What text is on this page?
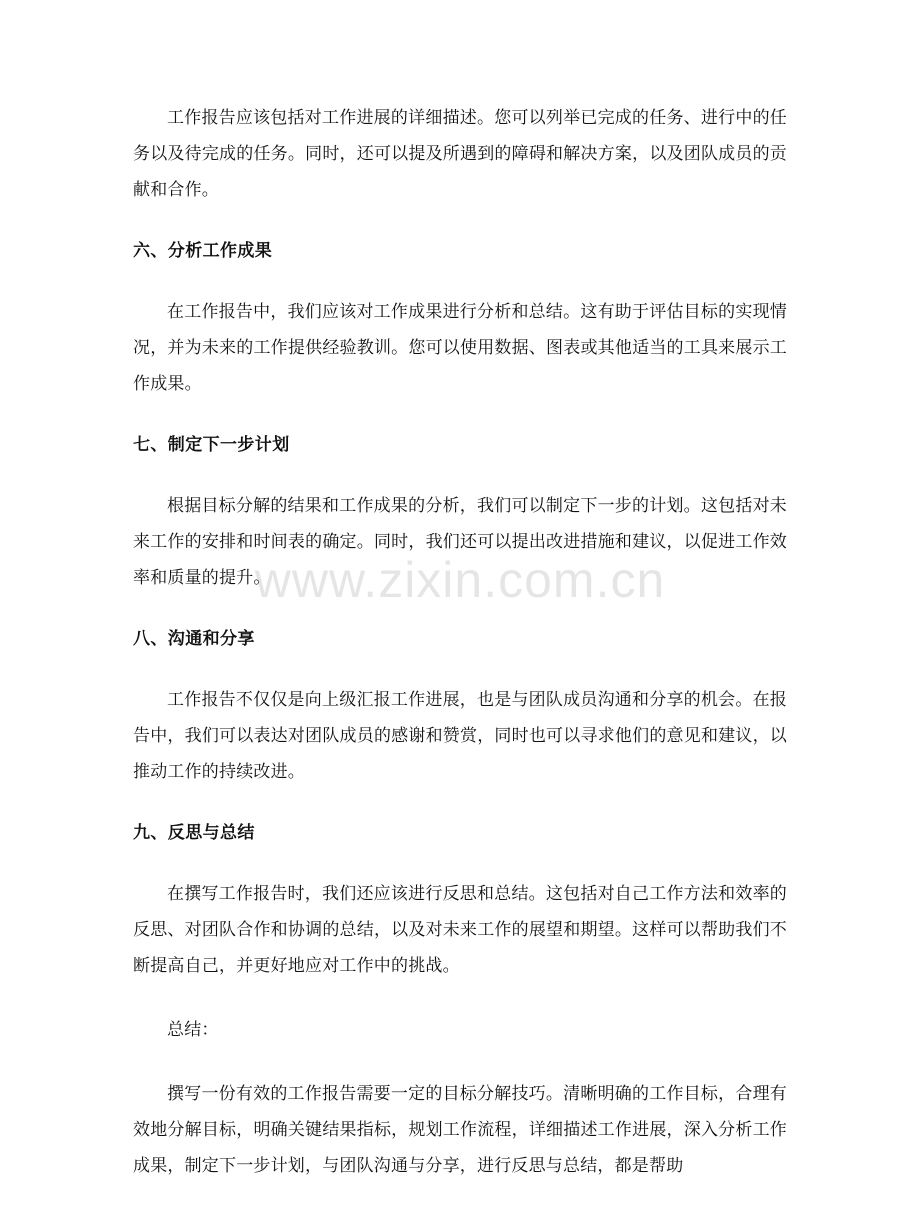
工作报告应该包括对工作进展的详细描述。您可以列举已完成的任务、进行中的任务以及待完成的任务。同时，还可以提及所遇到的障碍和解决方案，以及团队成员的贡献和合作。

六、分析工作成果

在工作报告中，我们应该对工作成果进行分析和总结。这有助于评估目标的实现情况，并为未来的工作提供经验教训。您可以使用数据、图表或其他适当的工具来展示工作成果。

七、制定下一步计划

根据目标分解的结果和工作成果的分析，我们可以制定下一步的计划。这包括对未来工作的安排和时间表的确定。同时，我们还可以提出改进措施和建议，以促进工作效率和质量的提升。

八、沟通和分享

工作报告不仅仅是向上级汇报工作进展，也是与团队成员沟通和分享的机会。在报告中，我们可以表达对团队成员的感谢和赞赏，同时也可以寻求他们的意见和建议，以推动工作的持续改进。

九、反思与总结

在撰写工作报告时，我们还应该进行反思和总结。这包括对自己工作方法和效率的反思、对团队合作和协调的总结，以及对未来工作的展望和期望。这样可以帮助我们不断提高自己，并更好地应对工作中的挑战。

总结：

撰写一份有效的工作报告需要一定的目标分解技巧。清晰明确的工作目标，合理有效地分解目标，明确关键结果指标，规划工作流程，详细描述工作进展，深入分析工作成果，制定下一步计划，与团队沟通与分享，进行反思与总结，都是帮助

www.zixin.com.cn
